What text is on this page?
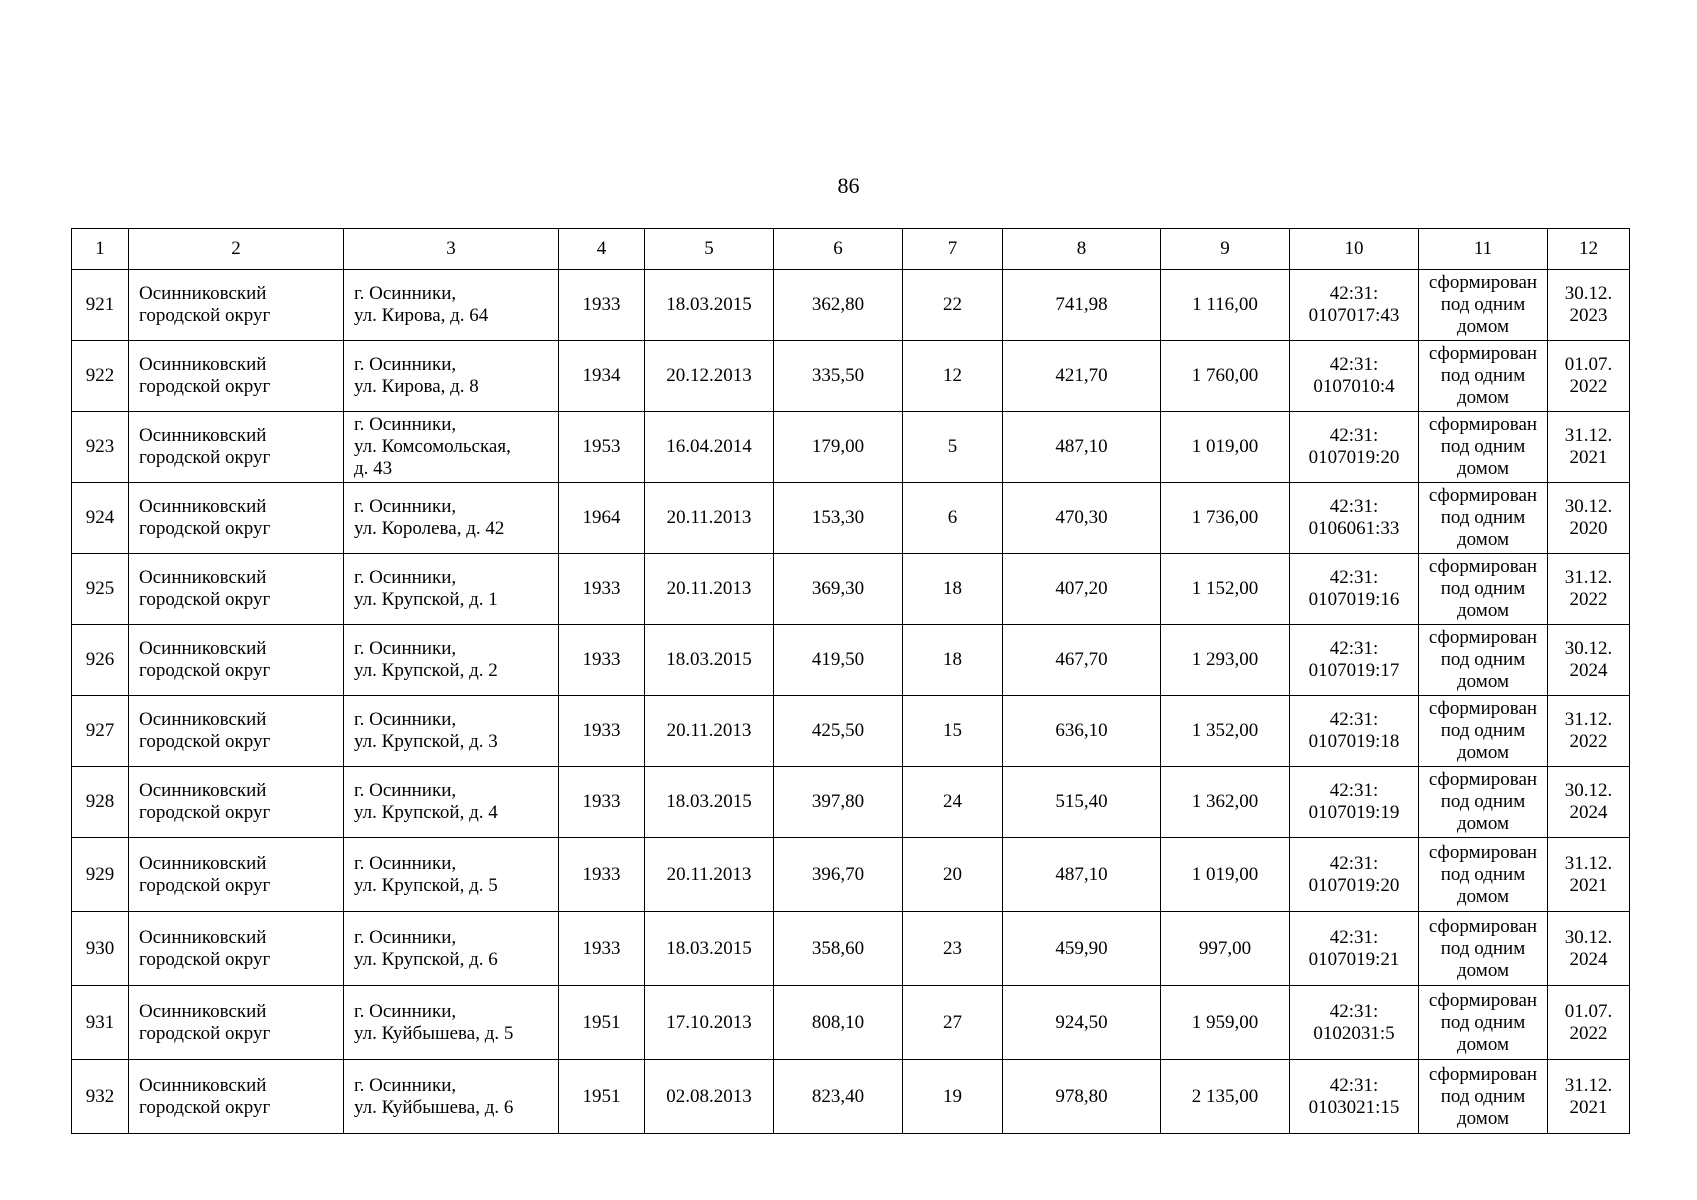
86
1	2	3	4	5	6	7	8	9	10	11	12
921	Осинниковский
городской округ	г. Осинники,
ул. Кирова, д. 64	1933	18.03.2015	362,80	22	741,98	1 116,00	42:31:
0107017:43	сформирован
под одним
домом	30.12.
2023

922	Осинниковский
городской округ	г. Осинники,
ул. Кирова, д. 8	1934	20.12.2013	335,50	12	421,70	1 760,00	42:31:
0107010:4	сформирован
под одним
домом	01.07.
2022

923	Осинниковский
городской округ	г. Осинники,
ул. Комсомольская,
д. 43	1953	16.04.2014	179,00	5	487,10	1 019,00	42:31:
0107019:20	сформирован
под одним
домом	31.12.
2021

924	Осинниковский
городской округ	г. Осинники,
ул. Королева, д. 42	1964	20.11.2013	153,30	6	470,30	1 736,00	42:31:
0106061:33	сформирован
под одним
домом	30.12.
2020

925	Осинниковский
городской округ	г. Осинники,
ул. Крупской, д. 1	1933	20.11.2013	369,30	18	407,20	1 152,00	42:31:
0107019:16	сформирован
под одним
домом	31.12.
2022

926	Осинниковский
городской округ	г. Осинники,
ул. Крупской, д. 2	1933	18.03.2015	419,50	18	467,70	1 293,00	42:31:
0107019:17	сформирован
под одним
домом	30.12.
2024

927	Осинниковский
городской округ	г. Осинники,
ул. Крупской, д. 3	1933	20.11.2013	425,50	15	636,10	1 352,00	42:31:
0107019:18	сформирован
под одним
домом	31.12.
2022

928	Осинниковский
городской округ	г. Осинники,
ул. Крупской, д. 4	1933	18.03.2015	397,80	24	515,40	1 362,00	42:31:
0107019:19	сформирован
под одним
домом	30.12.
2024

929	Осинниковский
городской округ	г. Осинники,
ул. Крупской, д. 5	1933	20.11.2013	396,70	20	487,10	1 019,00	42:31:
0107019:20	сформирован
под одним
домом	31.12.
2021

930	Осинниковский
городской округ	г. Осинники,
ул. Крупской, д. 6	1933	18.03.2015	358,60	23	459,90	997,00	42:31:
0107019:21	сформирован
под одним
домом	30.12.
2024

931	Осинниковский
городской округ	г. Осинники,
ул. Куйбышева, д. 5	1951	17.10.2013	808,10	27	924,50	1 959,00	42:31:
0102031:5	сформирован
под одним
домом	01.07.
2022

932	Осинниковский
городской округ	г. Осинники,
ул. Куйбышева, д. 6	1951	02.08.2013	823,40	19	978,80	2 135,00	42:31:
0103021:15	сформирован
под одним
домом	31.12.
2021
